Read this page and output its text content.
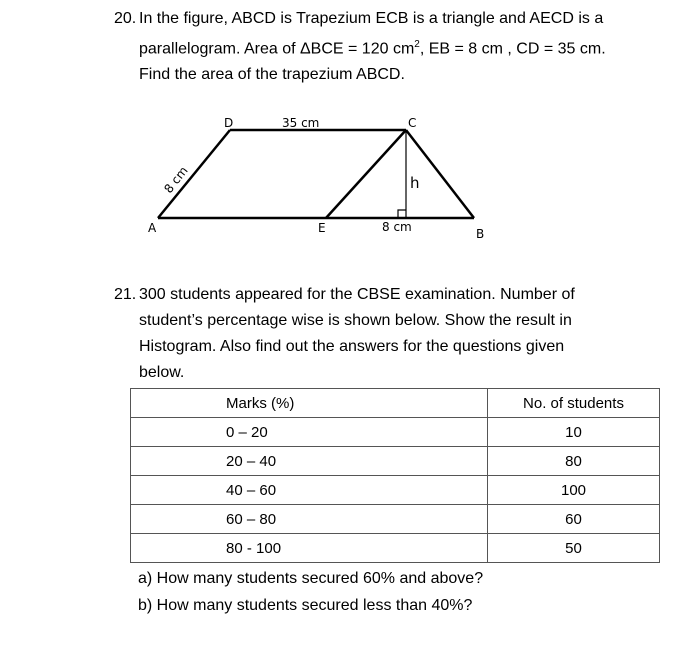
20. In the figure, ABCD is Trapezium ECB is a triangle and AECD is a
parallelogram. Area of ΔBCE = 120 $cm^2$, EB = 8 cm , CD = 35 cm.
Find the area of the trapezium ABCD.
A
D	C
B
E
h
35 cm
8 cm
8 cm
21. 300 students appeared for the CBSE examination. Number of
student’s percentage wise is shown below. Show the result in
Histogram. Also find out the answers for the questions given
below.
Marks (%)	No. of students
0 – 20	10
20 – 40	80
40 – 60	100
60 – 80	60
80 - 100	50
a) How many students secured 60% and above?
b) How many students secured less than 40%?
